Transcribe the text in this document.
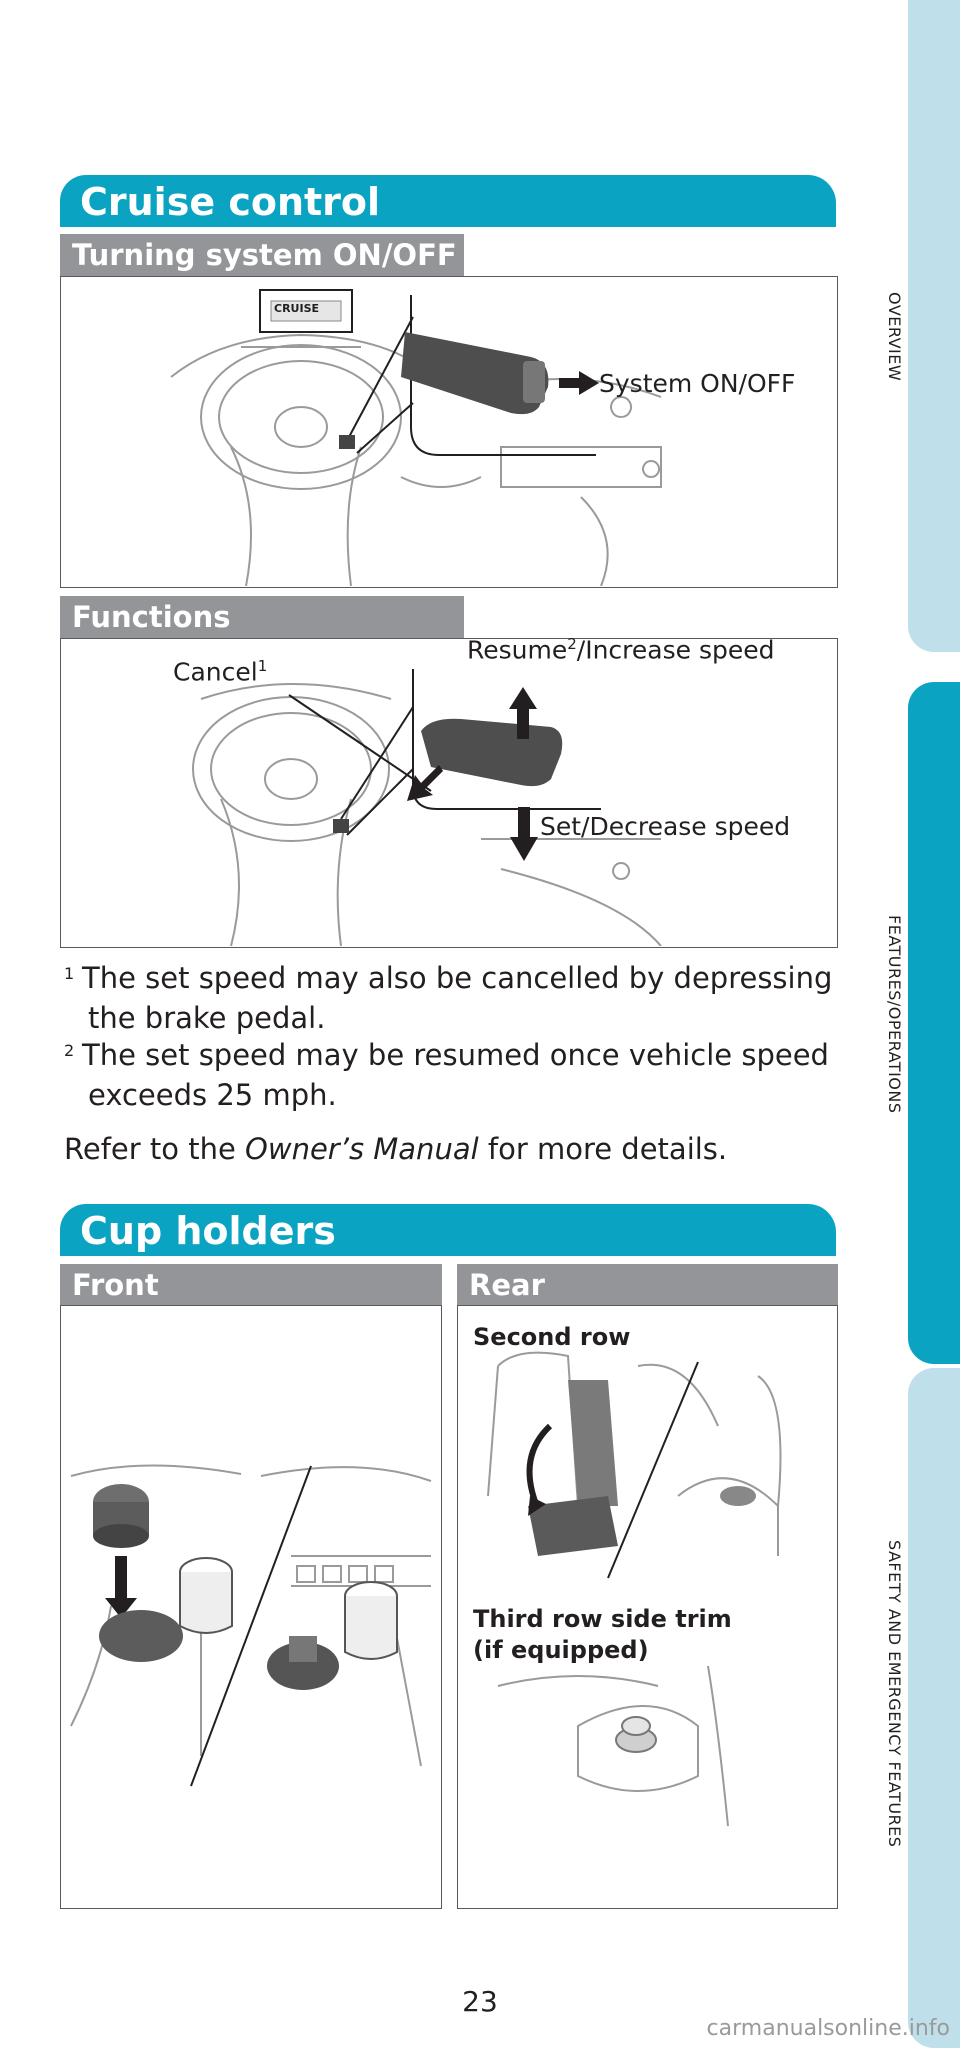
OVERVIEW
FEATURES/OPERATIONS
SAFETY AND EMERGENCY FEATURES
Cruise control
Turning system ON/OFF
CRUISE
System ON/OFF
Functions
Cancel$^1$
Resume$^2$/Increase speed
Set/Decrease speed
1 The set speed may also be cancelled by depressing
the brake pedal.
2 The set speed may be resumed once vehicle speed
exceeds 25 mph.
Refer to the Owner’s Manual for more details.
Cup holders
Front	Rear
Second row
Third row side trim
(if equipped)
23
carmanualsonline.info
